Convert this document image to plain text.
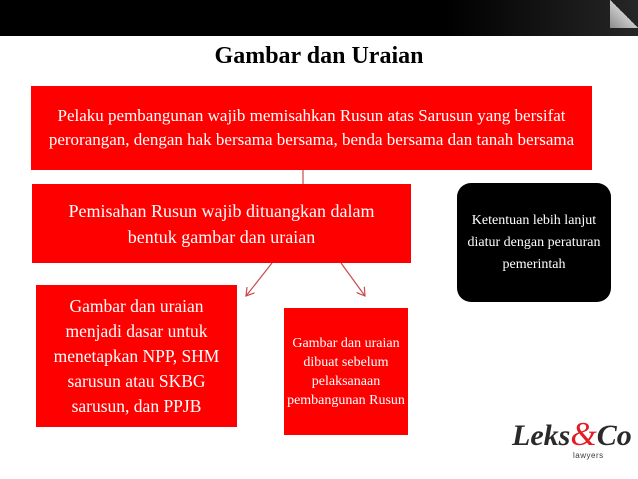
Gambar dan Uraian
Pelaku pembangunan wajib memisahkan Rusun atas Sarusun yang bersifat perorangan, dengan hak bersama bersama, benda bersama dan tanah bersama
Pemisahan Rusun wajib dituangkan dalam bentuk gambar dan uraian
Ketentuan lebih lanjut diatur dengan peraturan pemerintah
Gambar dan uraian menjadi dasar untuk menetapkan NPP, SHM sarusun atau SKBG sarusun, dan PPJB
Gambar dan uraian dibuat sebelum pelaksanaan pembangunan Rusun
Leks&Co
lawyers
